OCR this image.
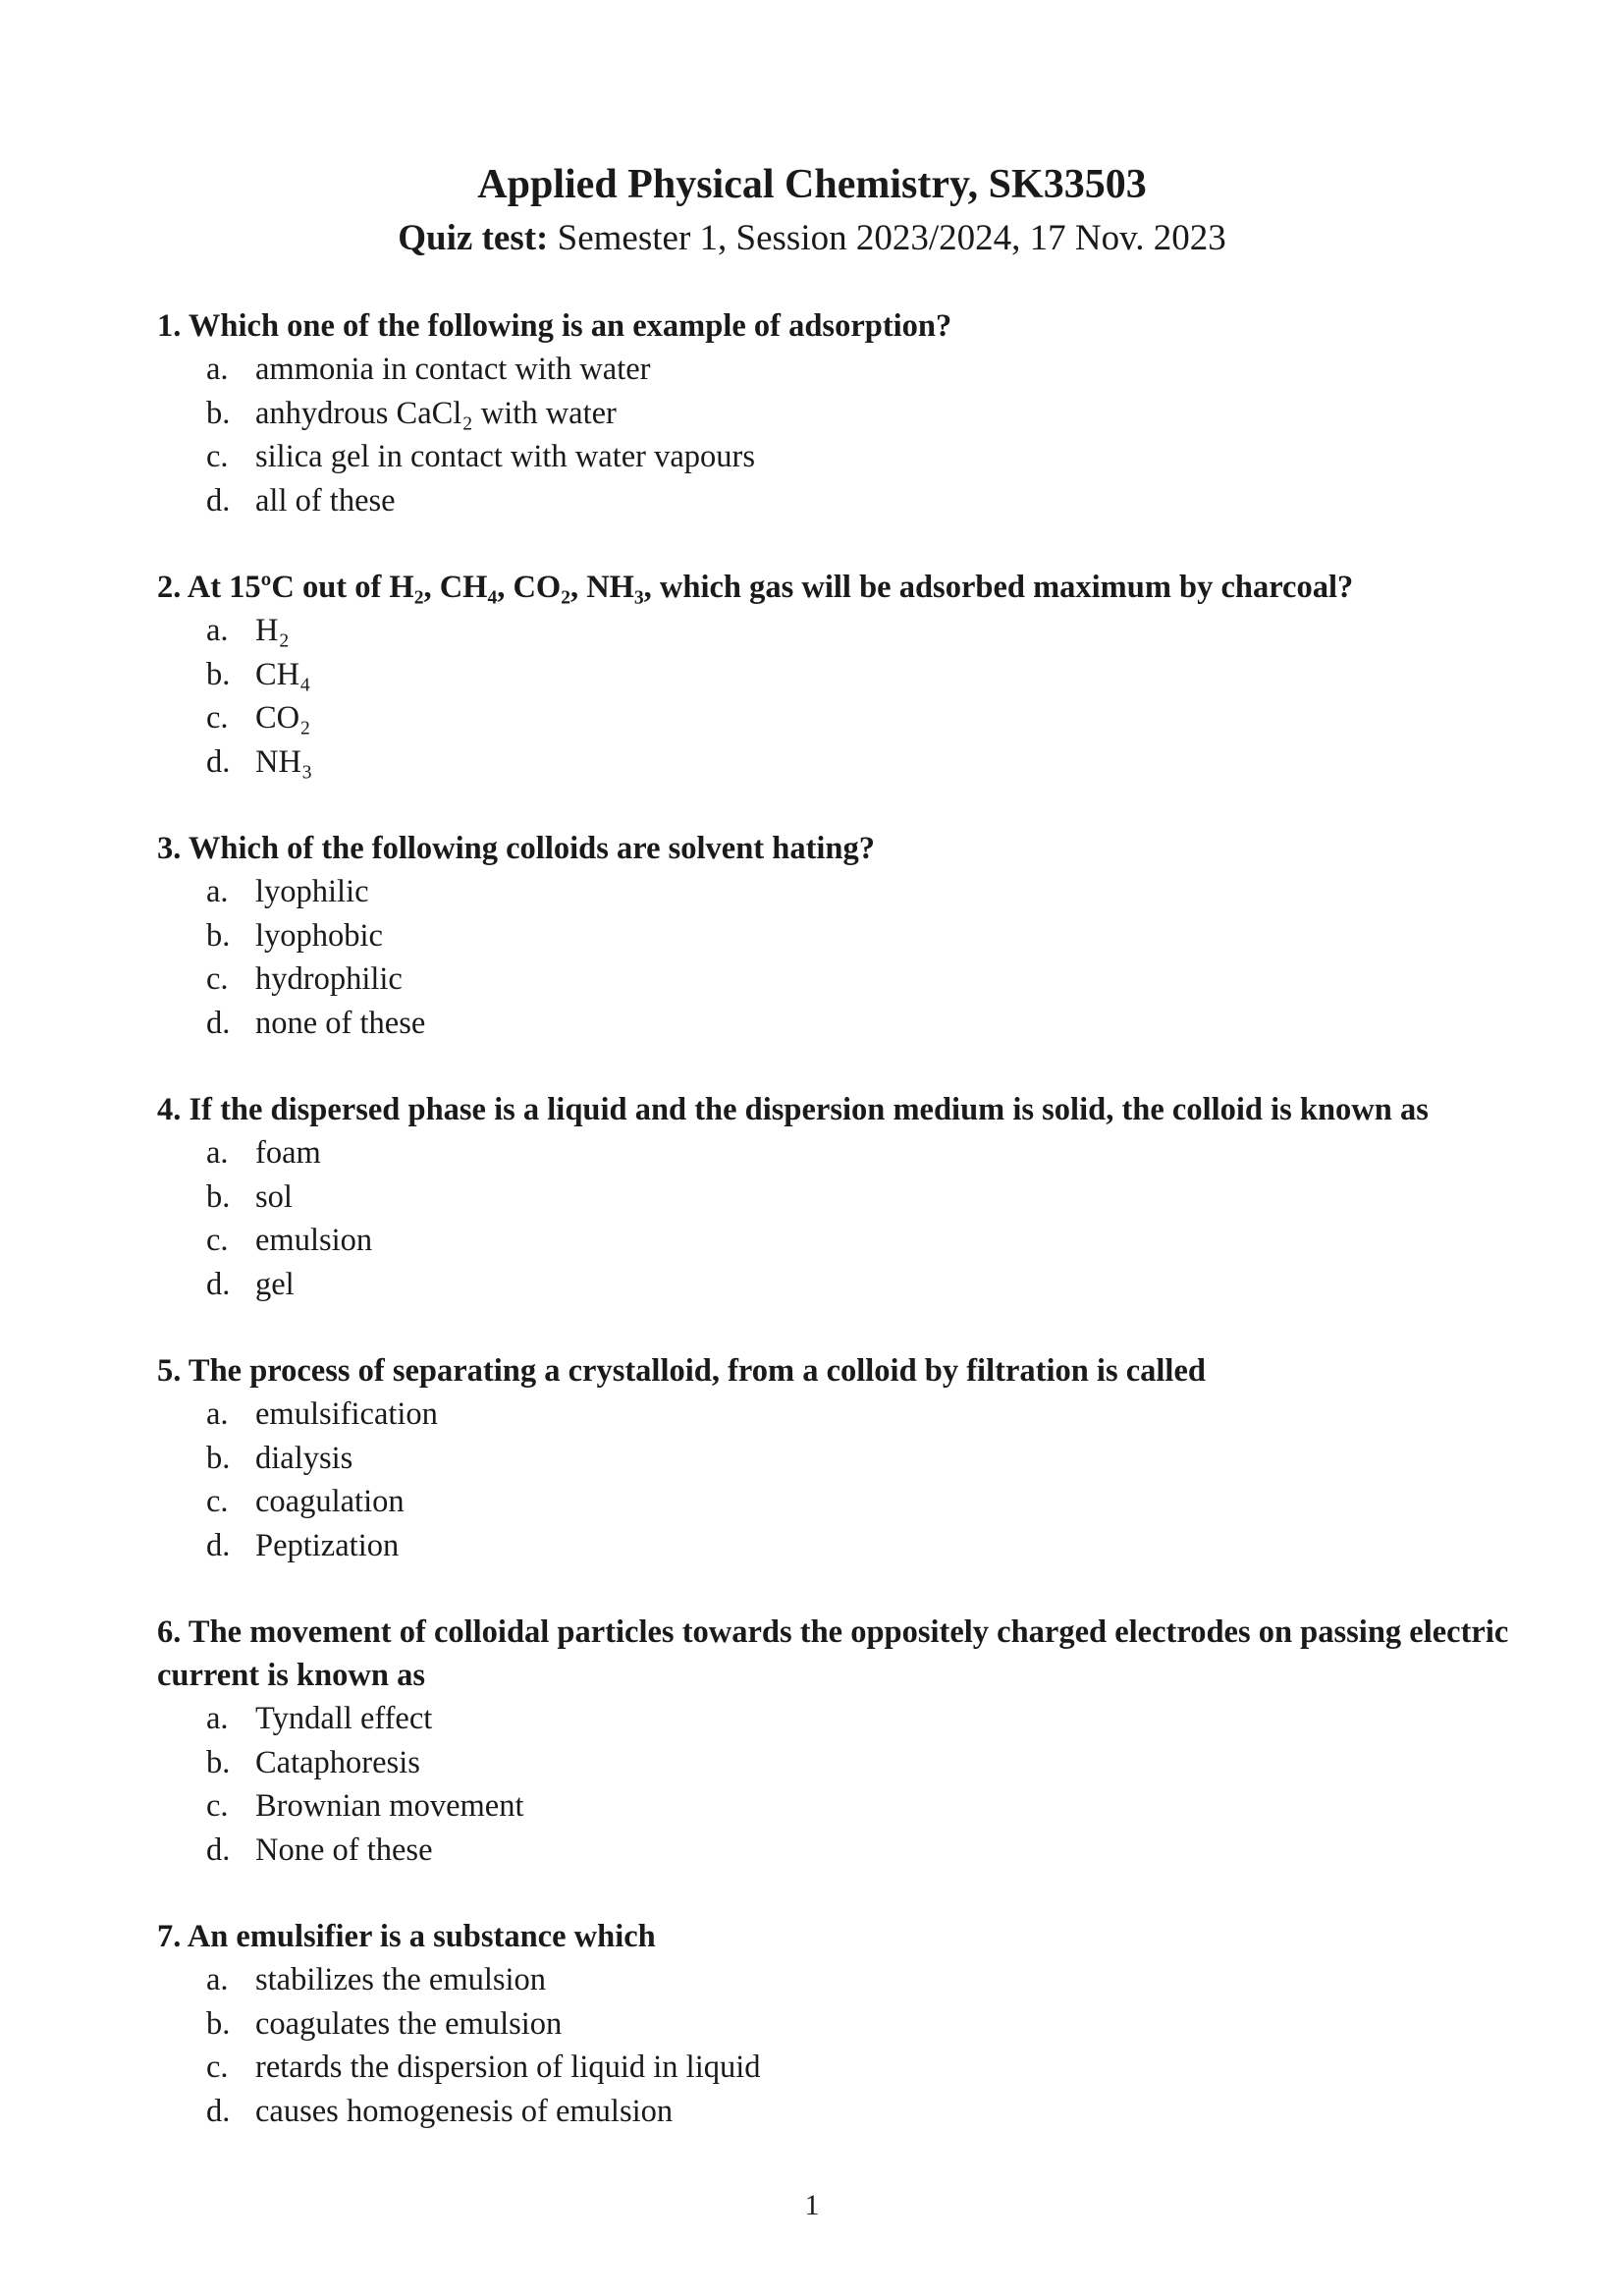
Applied Physical Chemistry, SK33503

Quiz test: Semester 1, Session 2023/2024, 17 Nov. 2023

1. Which one of the following is an example of adsorption?

a. ammonia in contact with water
b. anhydrous CaCl₂ with water
c. silica gel in contact with water vapours
d. all of these

2. At 15ºC out of H₂, CH₄, CO₂, NH₃, which gas will be adsorbed maximum by charcoal?

a. H₂
b. CH₄
c. CO₂
d. NH₃

3. Which of the following colloids are solvent hating?

a. lyophilic
b. lyophobic
c. hydrophilic
d. none of these

4. If the dispersed phase is a liquid and the dispersion medium is solid, the colloid is known as

a. foam
b. sol
c. emulsion
d. gel

5. The process of separating a crystalloid, from a colloid by filtration is called

a. emulsification
b. dialysis
c. coagulation
d. Peptization

6. The movement of colloidal particles towards the oppositely charged electrodes on passing electric current is known as

a. Tyndall effect
b. Cataphoresis
c. Brownian movement
d. None of these

7. An emulsifier is a substance which

a. stabilizes the emulsion
b. coagulates the emulsion
c. retards the dispersion of liquid in liquid
d. causes homogenesis of emulsion
1
